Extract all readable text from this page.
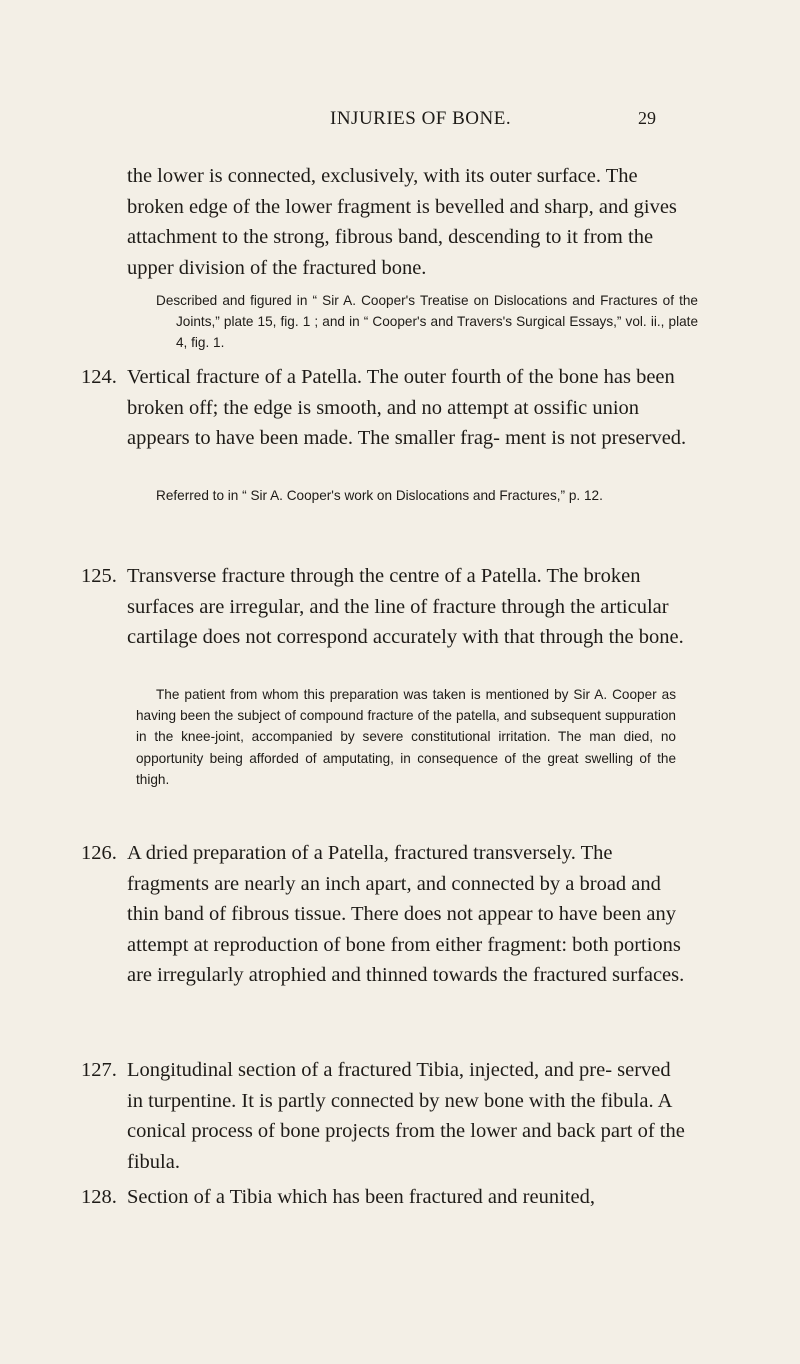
INJURIES OF BONE.	29

the lower is connected, exclusively, with its outer surface. The broken edge of the lower fragment is bevelled and sharp, and gives attachment to the strong, fibrous band, descending to it from the upper division of the fractured bone.

Described and figured in “ Sir A. Cooper's Treatise on Dislocations and Fractures of the Joints,” plate 15, fig. 1 ; and in “ Cooper's and Travers's Surgical Essays,” vol. ii., plate 4, fig. 1.

124. Vertical fracture of a Patella. The outer fourth of the bone has been broken off; the edge is smooth, and no attempt at ossific union appears to have been made. The smaller frag- ment is not preserved.

Referred to in “ Sir A. Cooper's work on Dislocations and Fractures,” p. 12.

125. Transverse fracture through the centre of a Patella. The broken surfaces are irregular, and the line of fracture through the articular cartilage does not correspond accurately with that through the bone.

The patient from whom this preparation was taken is mentioned by Sir A. Cooper as having been the subject of compound fracture of the patella, and subsequent suppuration in the knee-joint, accompanied by severe constitutional irritation. The man died, no opportunity being afforded of amputating, in consequence of the great swelling of the thigh.

126. A dried preparation of a Patella, fractured transversely. The fragments are nearly an inch apart, and connected by a broad and thin band of fibrous tissue. There does not appear to have been any attempt at reproduction of bone from either fragment: both portions are irregularly atrophied and thinned towards the fractured surfaces.

127. Longitudinal section of a fractured Tibia, injected, and pre- served in turpentine. It is partly connected by new bone with the fibula. A conical process of bone projects from the lower and back part of the fibula.

128. Section of a Tibia which has been fractured and reunited,
